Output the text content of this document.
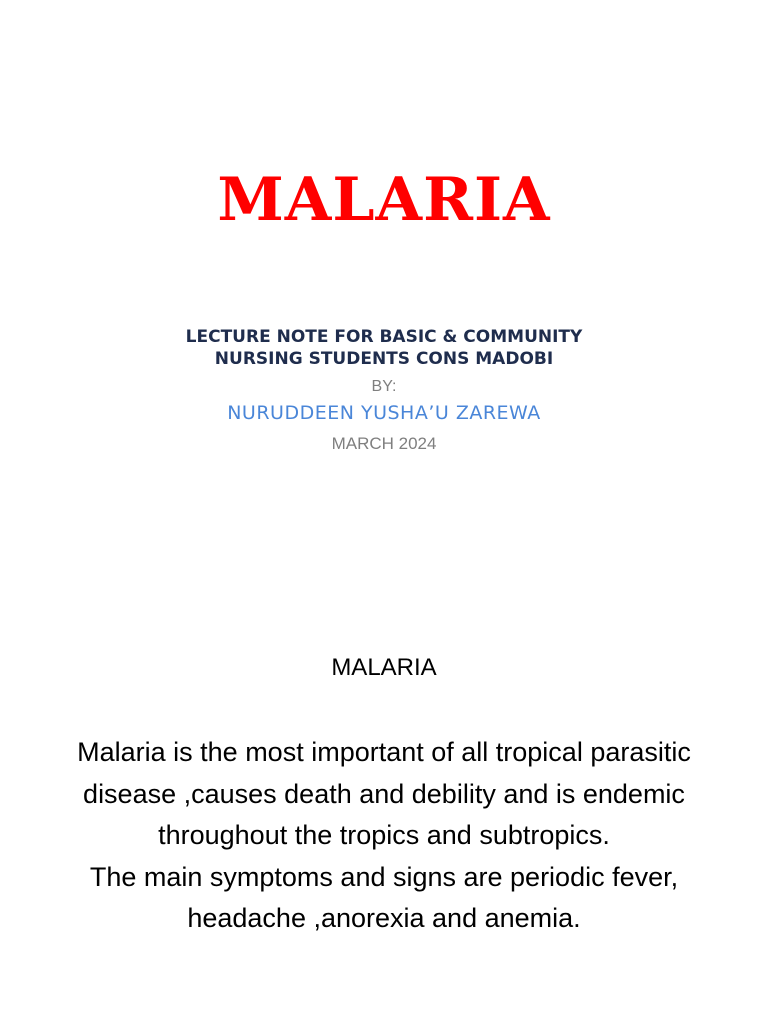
MALARIA
LECTURE NOTE FOR BASIC & COMMUNITY
NURSING STUDENTS CONS MADOBI
BY:
NURUDDEEN YUSHA’U ZAREWA
MARCH 2024
MALARIA

Malaria is the most important of all tropical parasitic disease ,causes death and debility and is endemic throughout the tropics and subtropics.

The main symptoms and signs are periodic fever, headache ,anorexia and anemia.
